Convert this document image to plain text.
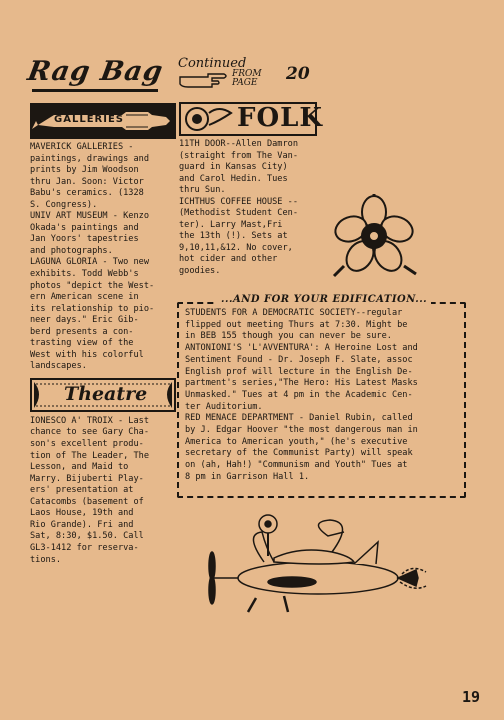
Rag Bag Continued
FROM
PAGE 20
GALLERIES

MAVERICK GALLERIES -
paintings, drawings and
prints by Jim Woodson
thru Jan. Soon: Victor
Babu's ceramics. (1328
S. Congress).
UNIV ART MUSEUM - Kenzo
Okada's paintings and
Jan Yoors' tapestries
and photographs.
LAGUNA GLORIA - Two new
exhibits. Todd Webb's
photos "depict the West-
ern American scene in
its relationship to pio-
neer days." Eric Gib-
berd presents a con-
trasting view of the
West with his colorful
landscapes.

Theatre

IONESCO A' TROIX - Last
chance to see Gary Cha-
son's excellent produ-
tion of The Leader, The
Lesson, and Maid to
Marry. Bijuberti Play-
ers' presentation at
Catacombs (basement of
Laos House, 19th and
Rio Grande). Fri and
Sat, 8:30, $1.50. Call
GL3-1412 for reserva-
tions.

FOLK

11TH DOOR--Allen Damron
(straight from The Van-
guard in Kansas City)
and Carol Hedin. Tues
thru Sun.
ICHTHUS COFFEE HOUSE --
(Methodist Student Cen-
ter). Larry Mast,Fri
the 13th (!). Sets at
9,10,11,&12. No cover,
hot cider and other
goodies.

...AND FOR YOUR EDIFICATION...

STUDENTS FOR A DEMOCRATIC SOCIETY--regular
flipped out meeting Thurs at 7:30. Might be
in BEB 155 though you can never be sure.
ANTONIONI'S 'L'AVVENTURA': A Heroine Lost and
Sentiment Found - Dr. Joseph F. Slate, assoc
English prof will lecture in the English De-
partment's series,"The Hero: His Latest Masks
Unmasked." Tues at 4 pm in the Academic Cen-
ter Auditorium.
RED MENACE DEPARTMENT - Daniel Rubin, called
by J. Edgar Hoover "the most dangerous man in
America to American youth," (he's executive
secretary of the Communist Party) will speak
on (ah, Hah!) "Communism and Youth" Tues at
8 pm in Garrison Hall 1.

19
